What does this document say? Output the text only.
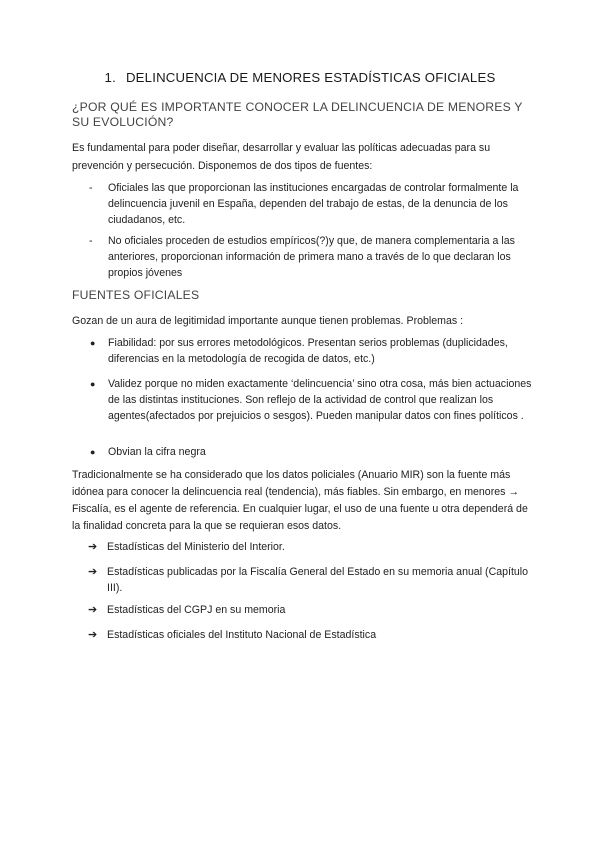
1. DELINCUENCIA DE MENORES ESTADÍSTICAS OFICIALES
¿POR QUÉ ES IMPORTANTE CONOCER LA DELINCUENCIA DE MENORES Y SU EVOLUCIÓN?
Es fundamental para poder diseñar, desarrollar y evaluar las políticas adecuadas para su prevención y persecución. Disponemos de dos tipos de fuentes:
- Oficiales las que proporcionan las instituciones encargadas de controlar formalmente la delincuencia juvenil en España, dependen del trabajo de estas, de la denuncia de los ciudadanos, etc.
- No oficiales proceden de estudios empíricos(?)y que, de manera complementaria a las anteriores, proporcionan información de primera mano a través de lo que declaran los propios jóvenes
FUENTES OFICIALES
Gozan de un aura de legitimidad importante aunque tienen problemas. Problemas :
● Fiabilidad: por sus errores metodológicos. Presentan serios problemas (duplicidades, diferencias en la metodología de recogida de datos, etc.)
● Validez porque no miden exactamente ‘delincuencia’ sino otra cosa, más bien actuaciones de las distintas instituciones. Son reflejo de la actividad de control que realizan los agentes(afectados por prejuicios o sesgos). Pueden manipular datos con fines políticos .
● Obvian la cifra negra
Tradicionalmente se ha considerado que los datos policiales (Anuario MIR) son la fuente más idónea para conocer la delincuencia real (tendencia), más fiables. Sin embargo, en menores → Fiscalía, es el agente de referencia. En cualquier lugar, el uso de una fuente u otra dependerá de la finalidad concreta para la que se requieran esos datos.
➔ Estadísticas del Ministerio del Interior.
➔ Estadísticas publicadas por la Fiscalía General del Estado en su memoria anual (Capítulo III).
➔ Estadísticas del CGPJ en su memoria
➔ Estadísticas oficiales del Instituto Nacional de Estadística
